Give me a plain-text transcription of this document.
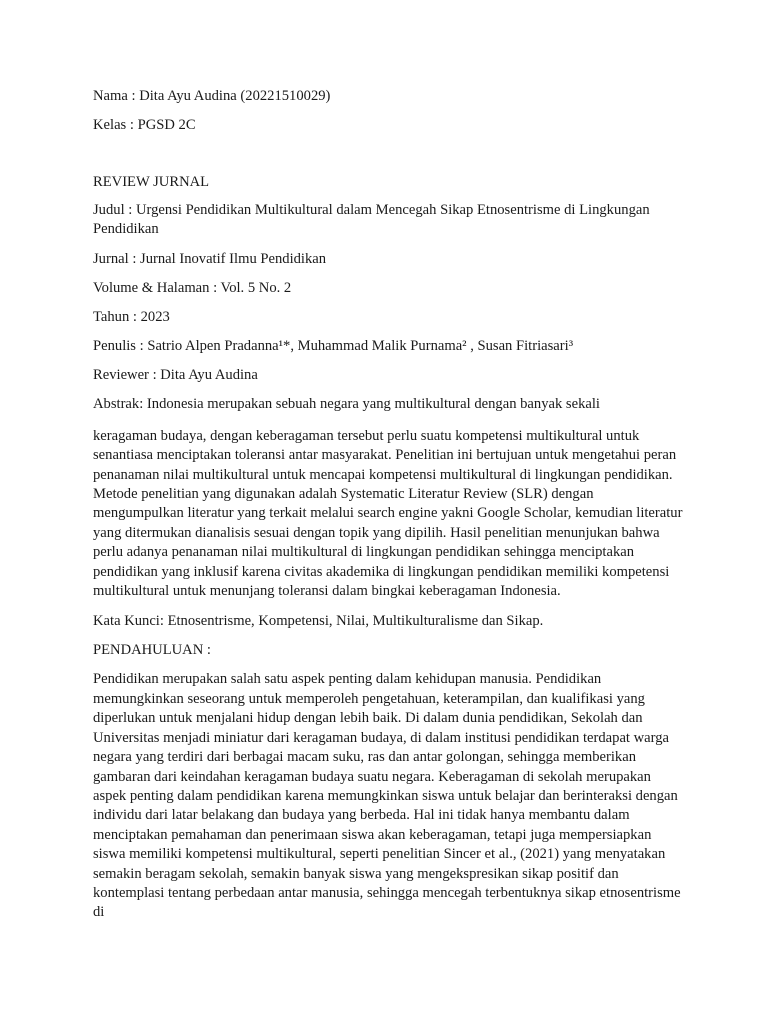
Nama : Dita Ayu Audina (20221510029)
Kelas : PGSD 2C
REVIEW JURNAL
Judul : Urgensi Pendidikan Multikultural dalam Mencegah Sikap Etnosentrisme di Lingkungan Pendidikan
Jurnal : Jurnal Inovatif Ilmu Pendidikan
Volume & Halaman : Vol. 5 No. 2
Tahun : 2023
Penulis : Satrio Alpen Pradanna¹*, Muhammad Malik Purnama² , Susan Fitriasari³
Reviewer : Dita Ayu Audina
Abstrak: Indonesia merupakan sebuah negara yang multikultural dengan banyak sekali
keragaman budaya, dengan keberagaman tersebut perlu suatu kompetensi multikultural untuk senantiasa menciptakan toleransi antar masyarakat. Penelitian ini bertujuan untuk mengetahui peran penanaman nilai multikultural untuk mencapai kompetensi multikultural di lingkungan pendidikan. Metode penelitian yang digunakan adalah Systematic Literatur Review (SLR) dengan mengumpulkan literatur yang terkait melalui search engine yakni Google Scholar, kemudian literatur yang ditermukan dianalisis sesuai dengan topik yang dipilih. Hasil penelitian menunjukan bahwa perlu adanya penanaman nilai multikultural di lingkungan pendidikan sehingga menciptakan pendidikan yang inklusif karena civitas akademika di lingkungan pendidikan memiliki kompetensi multikultural untuk menunjang toleransi dalam bingkai keberagaman Indonesia.
Kata Kunci: Etnosentrisme, Kompetensi, Nilai, Multikulturalisme dan Sikap.
PENDAHULUAN :
Pendidikan merupakan salah satu aspek penting dalam kehidupan manusia. Pendidikan memungkinkan seseorang untuk memperoleh pengetahuan, keterampilan, dan kualifikasi yang diperlukan untuk menjalani hidup dengan lebih baik. Di dalam dunia pendidikan, Sekolah dan Universitas menjadi miniatur dari keragaman budaya, di dalam institusi pendidikan terdapat warga negara yang terdiri dari berbagai macam suku, ras dan antar golongan, sehingga memberikan gambaran dari keindahan keragaman budaya suatu negara. Keberagaman di sekolah merupakan aspek penting dalam pendidikan karena memungkinkan siswa untuk belajar dan berinteraksi dengan individu dari latar belakang dan budaya yang berbeda. Hal ini tidak hanya membantu dalam menciptakan pemahaman dan penerimaan siswa akan keberagaman, tetapi juga mempersiapkan siswa memiliki kompetensi multikultural, seperti penelitian Sincer et al., (2021) yang menyatakan semakin beragam sekolah, semakin banyak siswa yang mengekspresikan sikap positif dan kontemplasi tentang perbedaan antar manusia, sehingga mencegah terbentuknya sikap etnosentrisme di
